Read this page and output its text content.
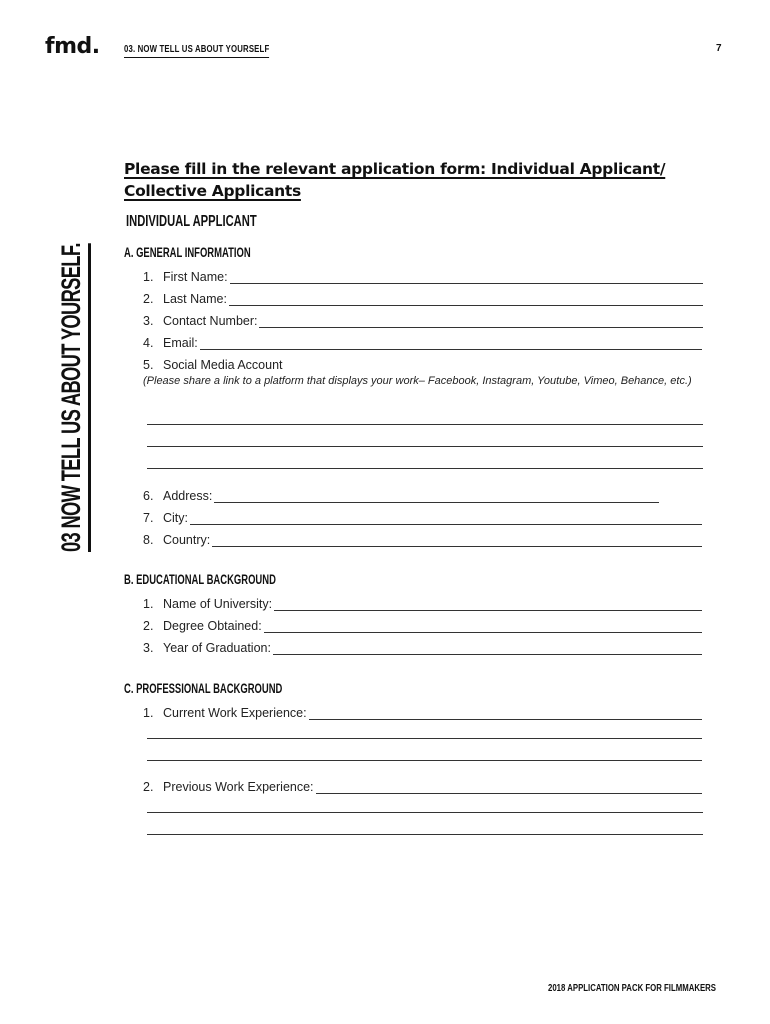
fmd. 03. NOW TELL US ABOUT YOURSELF	7
03 NOW TELL US ABOUT YOURSELF.
Please fill in the relevant application form: Individual Applicant/ Collective Applicants
INDIVIDUAL APPLICANT
A. GENERAL INFORMATION
1. First Name:
2. Last Name:
3. Contact Number:
4. Email:
5. Social Media Account
(Please share a link to a platform that displays your work– Facebook, Instagram, Youtube, Vimeo, Behance, etc.)
6. Address:
7. City:
8. Country:
B. EDUCATIONAL BACKGROUND
1. Name of University:
2. Degree Obtained:
3. Year of Graduation:
C. PROFESSIONAL BACKGROUND
1. Current Work Experience:
2. Previous Work Experience:
2018 APPLICATION PACK FOR FILMMAKERS
